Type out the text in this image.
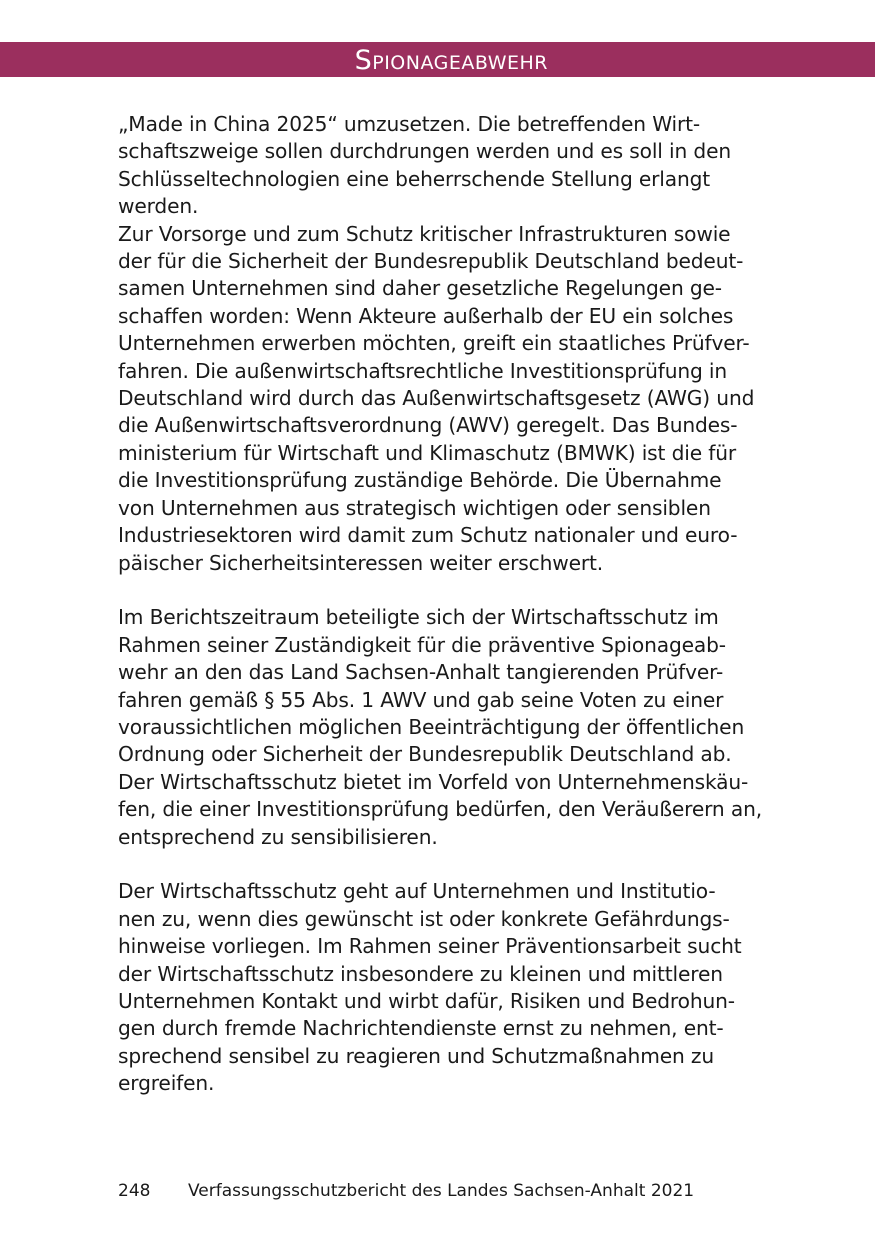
Spionageabwehr
„Made in China 2025“ umzusetzen. Die betreffenden Wirt-
schaftszweige sollen durchdrungen werden und es soll in den
Schlüsseltechnologien eine beherrschende Stellung erlangt
werden.
Zur Vorsorge und zum Schutz kritischer Infrastrukturen sowie
der für die Sicherheit der Bundesrepublik Deutschland bedeut-
samen Unternehmen sind daher gesetzliche Regelungen ge-
schaffen worden: Wenn Akteure außerhalb der EU ein solches
Unternehmen erwerben möchten, greift ein staatliches Prüfver-
fahren. Die außenwirtschaftsrechtliche Investitionsprüfung in
Deutschland wird durch das Außenwirtschaftsgesetz (AWG) und
die Außenwirtschaftsverordnung (AWV) geregelt. Das Bundes-
ministerium für Wirtschaft und Klimaschutz (BMWK) ist die für
die Investitionsprüfung zuständige Behörde. Die Übernahme
von Unternehmen aus strategisch wichtigen oder sensiblen
Industriesektoren wird damit zum Schutz nationaler und euro-
päischer Sicherheitsinteressen weiter erschwert.
Im Berichtszeitraum beteiligte sich der Wirtschaftsschutz im
Rahmen seiner Zuständigkeit für die präventive Spionageab-
wehr an den das Land Sachsen-Anhalt tangierenden Prüfver-
fahren gemäß § 55 Abs. 1 AWV und gab seine Voten zu einer
voraussichtlichen möglichen Beeinträchtigung der öffentlichen
Ordnung oder Sicherheit der Bundesrepublik Deutschland ab.
Der Wirtschaftsschutz bietet im Vorfeld von Unternehmenskäu-
fen, die einer Investitionsprüfung bedürfen, den Veräußerern an,
entsprechend zu sensibilisieren.
Der Wirtschaftsschutz geht auf Unternehmen und Institutio-
nen zu, wenn dies gewünscht ist oder konkrete Gefährdungs-
hinweise vorliegen. Im Rahmen seiner Präventionsarbeit sucht
der Wirtschaftsschutz insbesondere zu kleinen und mittleren
Unternehmen Kontakt und wirbt dafür, Risiken und Bedrohun-
gen durch fremde Nachrichtendienste ernst zu nehmen, ent-
sprechend sensibel zu reagieren und Schutzmaßnahmen zu
ergreifen.
248 Verfassungsschutzbericht des Landes Sachsen-Anhalt 2021
